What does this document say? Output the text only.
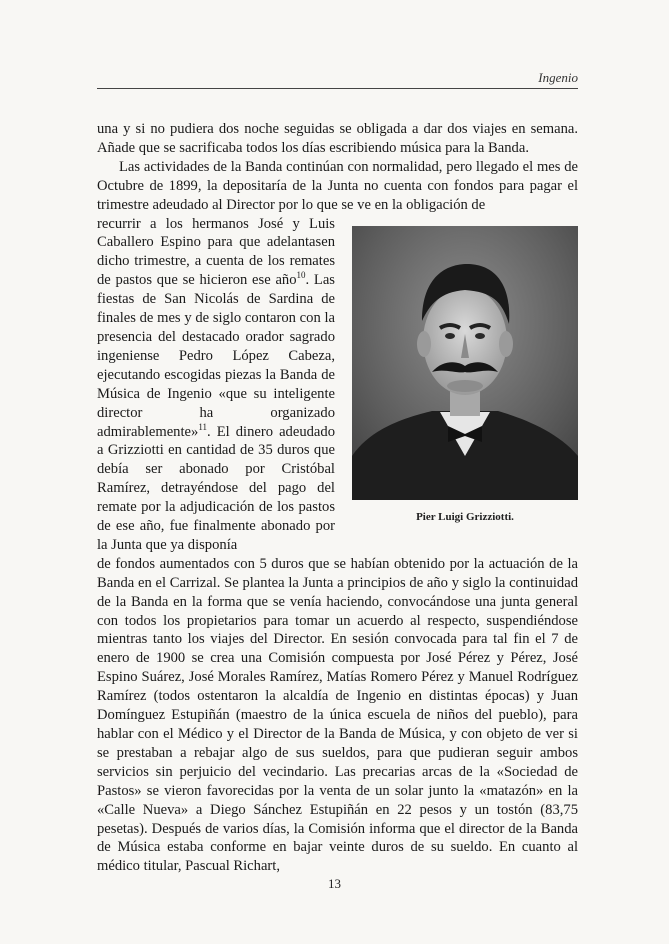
Ingenio

una y si no pudiera dos noche seguidas se obligada a dar dos viajes en semana. Añade que se sacrificaba todos los días escribiendo música para la Banda.

Las actividades de la Banda continúan con normalidad, pero llegado el mes de Octubre de 1899, la depositaría de la Junta no cuenta con fondos para pagar el trimestre adeudado al Director por lo que se ve en la obligación de

recurrir a los hermanos José y Luis Caballero Espino para que adelantasen dicho trimestre, a cuenta de los remates de pastos que se hicieron ese año$^{10}$. Las fiestas de San Nicolás de Sardina de finales de mes y de siglo contaron con la presencia del destacado orador sagrado ingeniense Pedro López Cabeza, ejecutando escogidas piezas la Banda de Música de Ingenio «que su inteligente director ha organizado admirablemente»$^{11}$. El dinero adeudado a Grizziotti en cantidad de 35 duros que debía ser abonado por Cristóbal Ramírez, detrayéndose del pago del remate por la adjudicación de los pastos de ese año, fue finalmente abonado por la Junta que ya disponía

de fondos aumentados con 5 duros que se habían obtenido por la actuación de la Banda en el Carrizal. Se plantea la Junta a principios de año y siglo la continuidad de la Banda en la forma que se venía haciendo, convocándose una junta general con todos los propietarios para tomar un acuerdo al respecto, suspendiéndose mientras tanto los viajes del Director. En sesión convocada para tal fin el 7 de enero de 1900 se crea una Comisión compuesta por José Pérez y Pérez, José Espino Suárez, José Morales Ramírez, Matías Romero Pérez y Manuel Rodríguez Ramírez (todos ostentaron la alcaldía de Ingenio en distintas épocas) y Juan Domínguez Estupiñán (maestro de la única escuela de niños del pueblo), para hablar con el Médico y el Director de la Banda de Música, y con objeto de ver si se prestaban a rebajar algo de sus sueldos, para que pudieran seguir ambos servicios sin perjuicio del vecindario. Las precarias arcas de la «Sociedad de Pastos» se vieron favorecidas por la venta de un solar junto la «matazón» en la «Calle Nueva» a Diego Sánchez Estupiñán en 22 pesos y un tostón (83,75 pesetas). Después de varios días, la Comisión informa que el director de la Banda de Música estaba conforme en bajar veinte duros de su sueldo. En cuanto al médico titular, Pascual Richart,

Pier Luigi Grizziotti.
13
